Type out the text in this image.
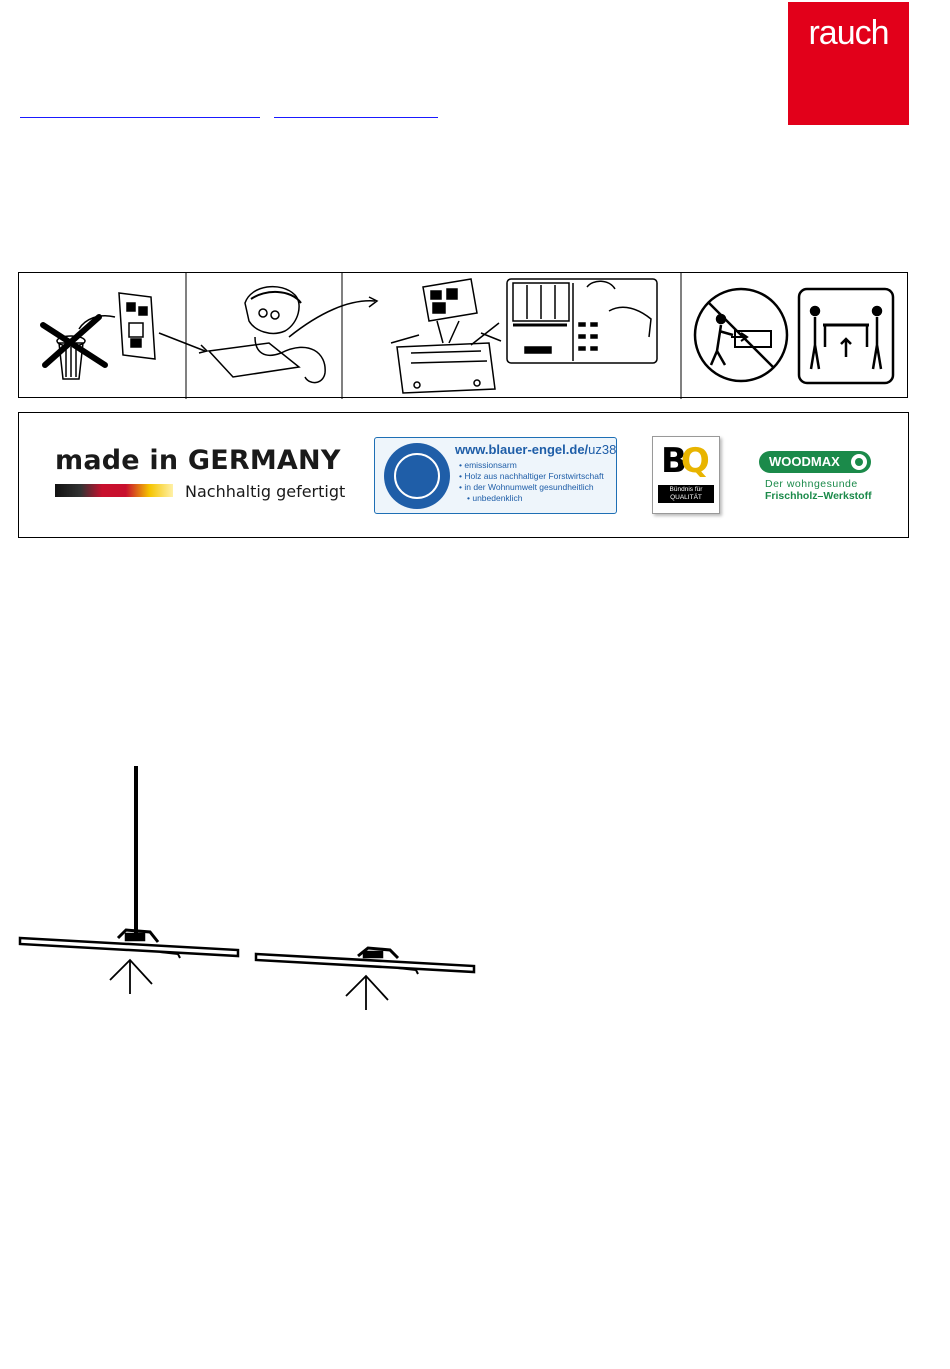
rauch
made in GERMANY
Nachhaltig gefertigt
www.blauer-engel.de/uz38
• emissionsarm
• Holz aus nachhaltiger Forstwirtschaft
• in der Wohnumwelt gesundheitlich
• unbedenklich
BQ
Bündnis für QUALITÄT
WOODMAX
Der wohngesunde
Frischholz–Werkstoff
